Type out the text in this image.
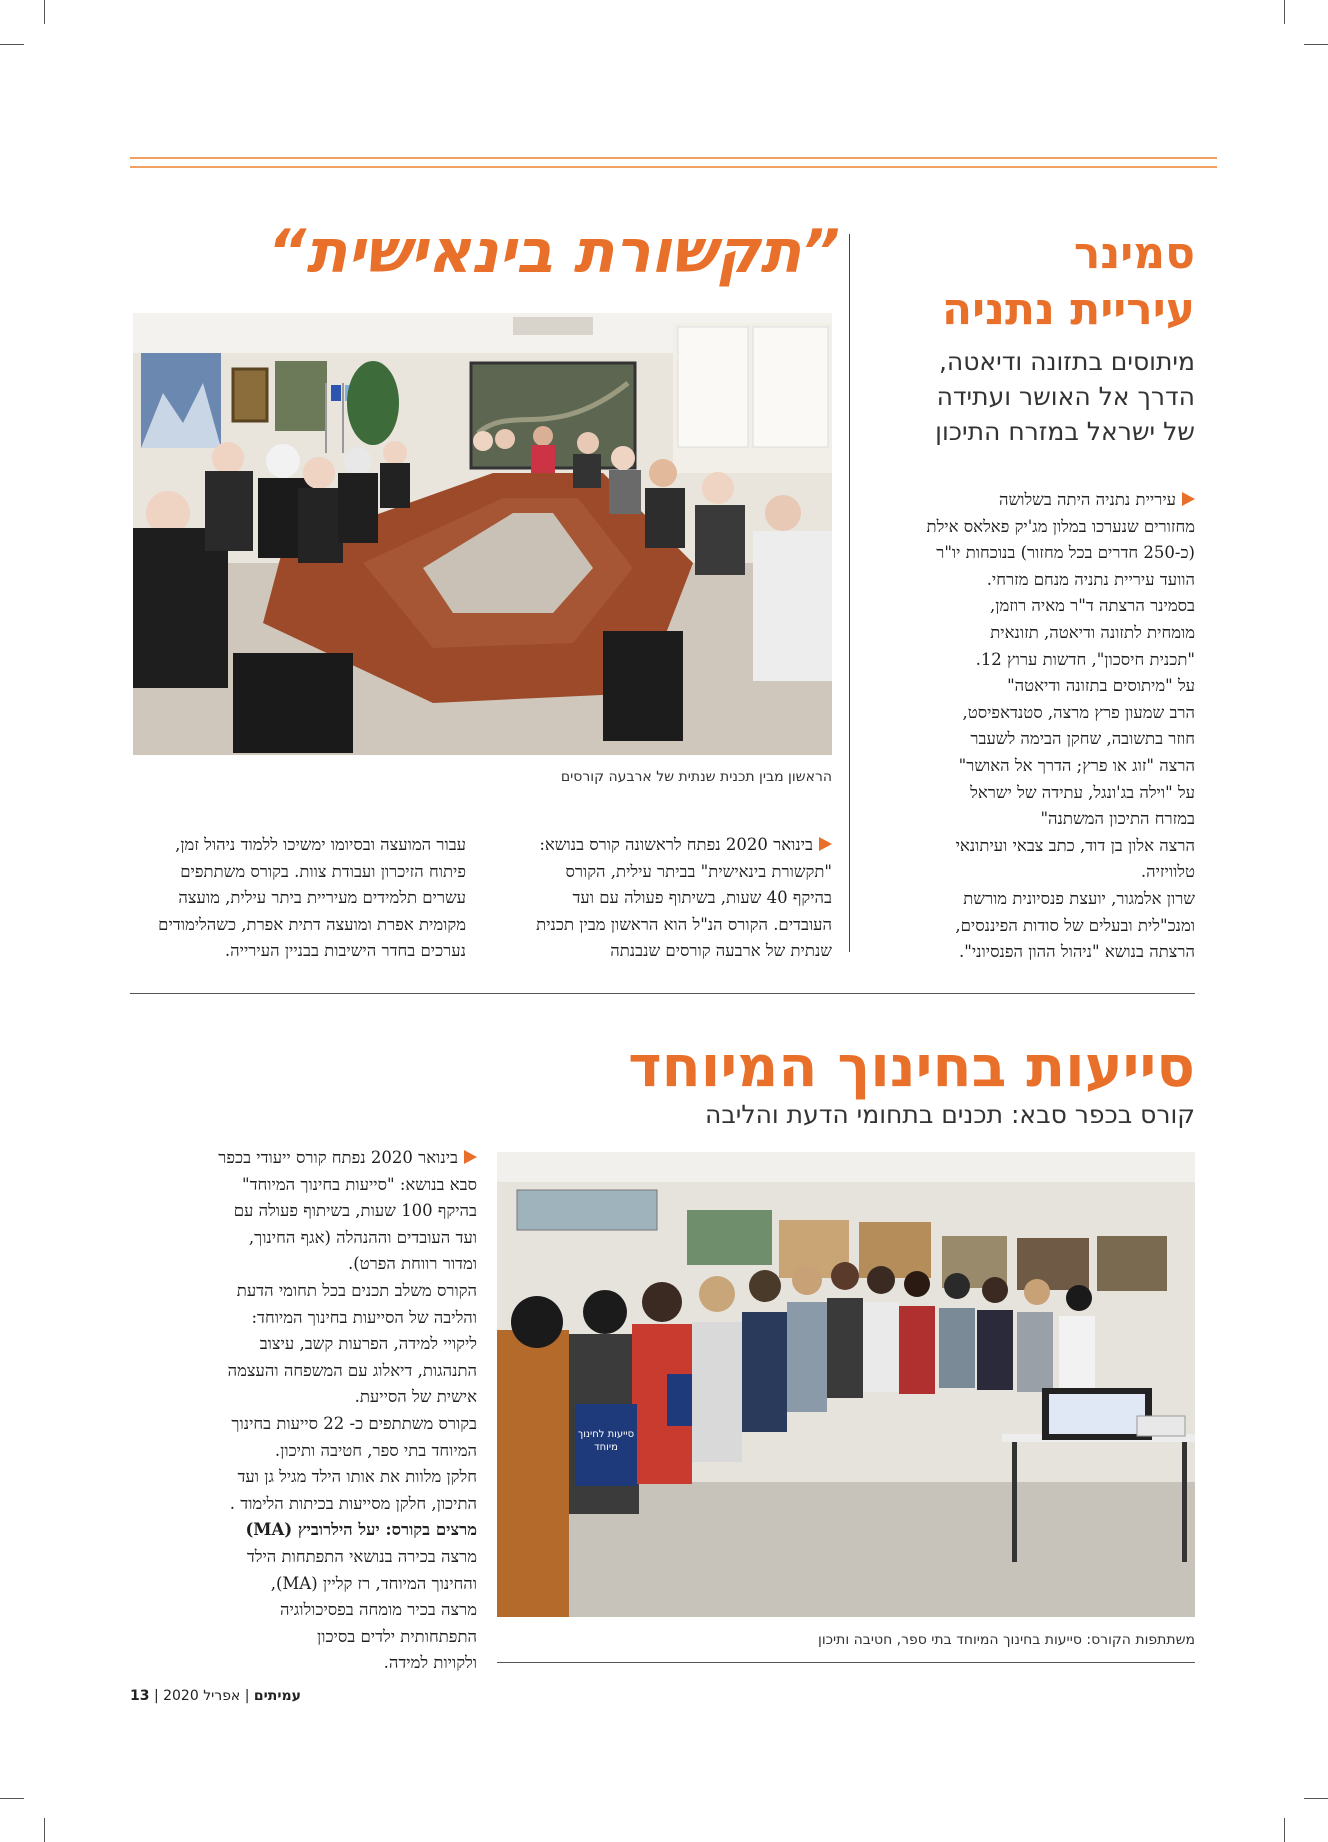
”תקשורת בינאישית“	סמינר
עיריית נתניה
מיתוסים בתזונה ודיאטה,
הדרך אל האושר ועתידה
של ישראל במזרח התיכון
עיריית נתניה היתה בשלושה
מחזורים שנערכו במלון מג'יק פאלאס אילת
(כ-250 חדרים בכל מחזור) בנוכחות יו"ר
הוועד עיריית נתניה מנחם מזרחי.
בסמינר הרצתה ד"ר מאיה רוזמן,
מומחית לתזונה ודיאטה, תזונאית
"תכנית חיסכון", חדשות ערוץ 12.
על "מיתוסים בתזונה ודיאטה"
הרב שמעון פרץ מרצה, סטנדאפיסט,
חוזר בתשובה, שחקן הבימה לשעבר
הרצה "זוג או פרץ; הדרך אל האושר"
על "וילה בג'ונגל, עתידה של ישראל
במזרח התיכון המשתנה"
הרצה אלון בן דוד, כתב צבאי ועיתונאי
טלוויזיה.
שרון אלמגור, יועצת פנסיונית מורשת
ומנכ"לית ובעלים של סודות הפיננסים,
הרצתה בנושא "ניהול ההון הפנסיוני".
הראשון מבין תכנית שנתית של ארבעה קורסים
בינואר 2020 נפתח לראשונה קורס בנושא:
"תקשורת בינאישית" בביתר עילית, הקורס
בהיקף 40 שעות, בשיתוף פעולה עם ועד
העובדים. הקורס הנ"ל הוא הראשון מבין תכנית
שנתית של ארבעה קורסים שנבנתה
עבור המועצה ובסיומו ימשיכו ללמוד ניהול זמן,
פיתוח הזיכרון ועבודת צוות. בקורס משתתפים
עשרים תלמידים מעיריית ביתר עילית, מועצה
מקומית אפרת ומועצה דתית אפרת, כשהלימודים
נערכים בחדר הישיבות בבניין העירייה.
סייעות בחינוך המיוחד
קורס בכפר סבא: תכנים בתחומי הדעת והליבה
בינואר 2020 נפתח קורס ייעודי בכפר
סבא בנושא: "סייעות בחינוך המיוחד"
בהיקף 100 שעות, בשיתוף פעולה עם
ועד העובדים וההנהלה (אגף החינוך,
ומדור רווחת הפרט).
הקורס משלב תכנים בכל תחומי הדעת
והליבה של הסייעות בחינוך המיוחד:
ליקויי למידה, הפרעות קשב, עיצוב
התנהגות, דיאלוג עם המשפחה והעצמה
אישית של הסייעת.
בקורס משתתפים כ- 22 סייעות בחינוך
המיוחד בתי ספר, חטיבה ותיכון.
חלקן מלוות את אותו הילד מגיל גן ועד
התיכון, חלקן מסייעות בכיתות הלימוד .
מרצים בקורס: יעל הילרוביץ (MA)
מרצה בכירה בנושאי התפתחות הילד
והחינוך המיוחד, רז קליין (MA),
מרצה בכיר מומחה בפסיכולוגיה
התפתחותית ילדים בסיכון
ולקויות למידה.
סייעות לחינוך מיוחד
משתתפות הקורס: סייעות בחינוך המיוחד בתי ספר, חטיבה ותיכון
עמיתים | אפריל 2020 | 13
